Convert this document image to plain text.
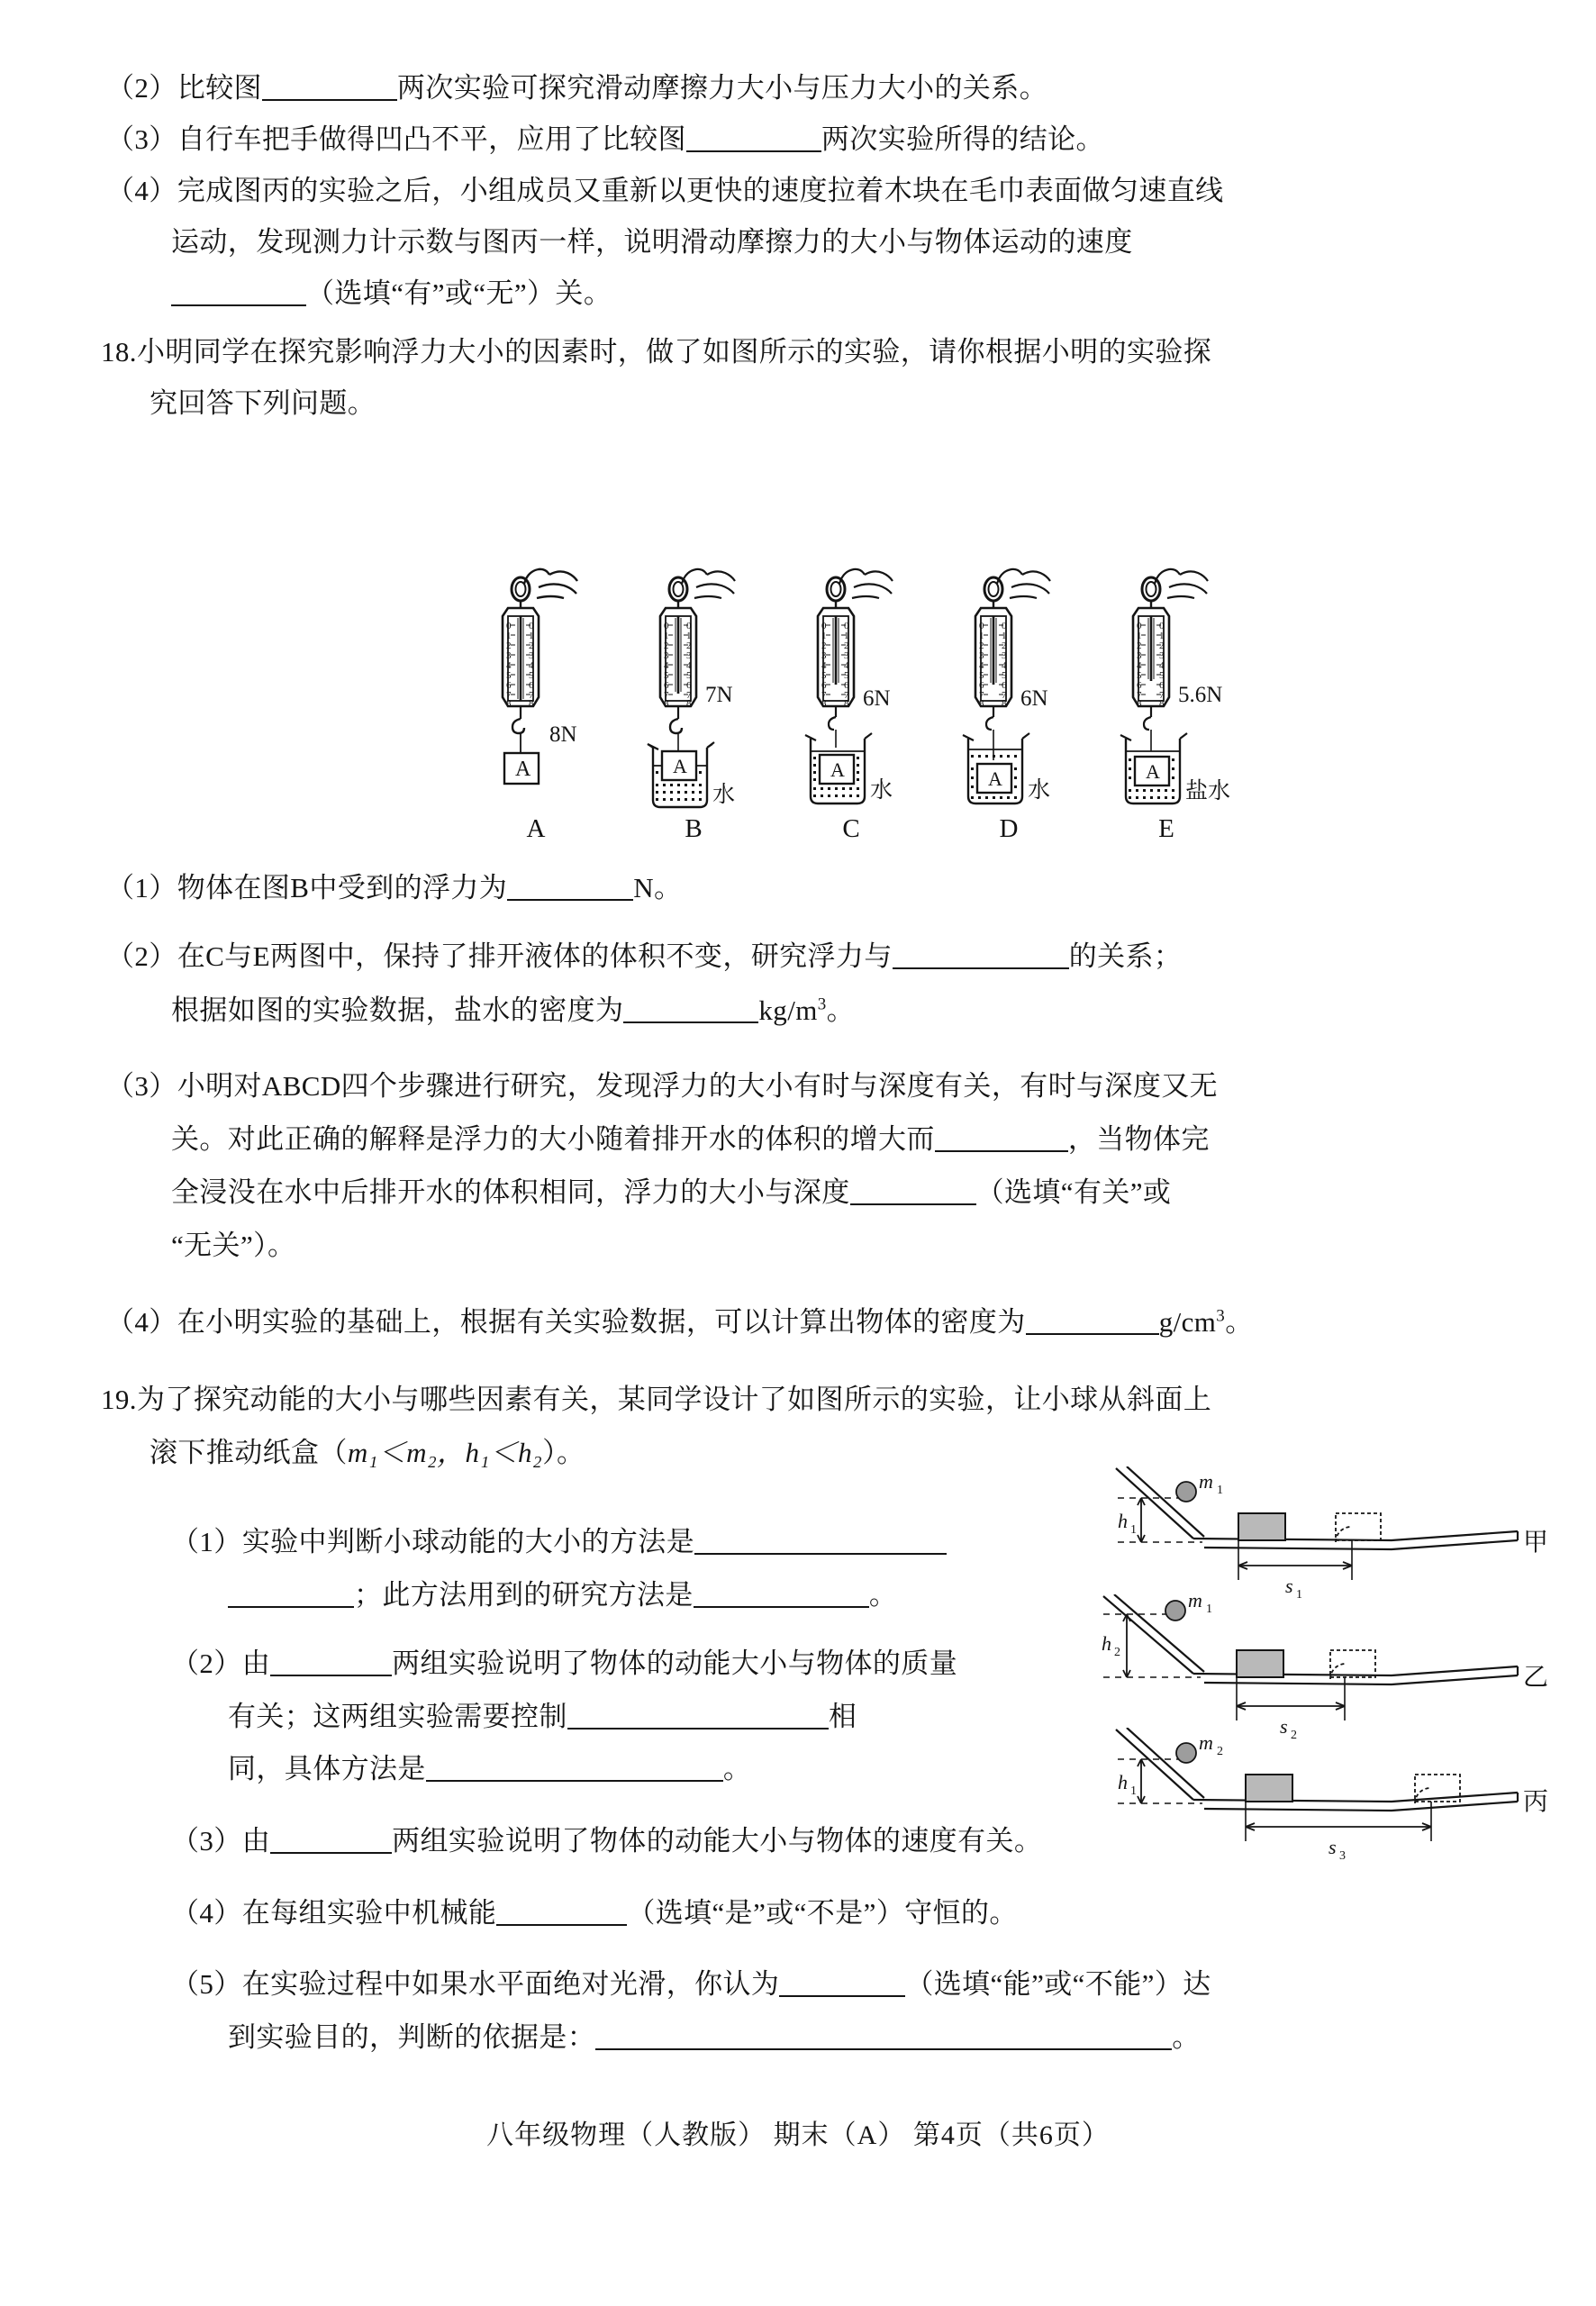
（2）比较图	两次实验可探究滑动摩擦力大小与压力大小的关系。
（3）自行车把手做得凹凸不平，应用了比较图	两次实验所得的结论。
（4）完成图丙的实验之后，小组成员又重新以更快的速度拉着木块在毛巾表面做匀速直线
运动，发现测力计示数与图丙一样，说明滑动摩擦力的大小与物体运动的速度
（选填“有”或“无”）关。
18.小明同学在探究影响浮力大小的因素时，做了如图所示的实验，请你根据小明的实验探
究回答下列问题。
0
1
2
3
4
5
6
7
8
0
1
2
3
4
5
6
7
8
A
8N
A
0
1
2
3
4
5
6
7
8
0
1
2
3
4
5
6
7
8
A
7N
水
B
0
1
2
3
4
5
6
7
8
0
1
2
3
4
5
6
7
8
A
6N
水
C
0
1
2
3
4
5
6
7
8
0
1
2
3
4
5
6
7
8
A
6N
水
D
0
1
2
3
4
5
6
7
8
0
1
2
3
4
5
6
7
8
A
5.6N
盐水
E
（1）物体在图B中受到的浮力为	N。
（2）在C与E两图中，保持了排开液体的体积不变，研究浮力与	的关系；
根据如图的实验数据，盐水的密度为	$kg/m^3$。
（3）小明对ABCD四个步骤进行研究，发现浮力的大小有时与深度有关，有时与深度又无
关。对此正确的解释是浮力的大小随着排开水的体积的增大而	，当物体完
全浸没在水中后排开水的体积相同，浮力的大小与深度	（选填“有关”或
“无关”）。
（4）在小明实验的基础上，根据有关实验数据，可以计算出物体的密度为	$g/cm^3$。
19.为了探究动能的大小与哪些因素有关，某同学设计了如图所示的实验，让小球从斜面上
滚下推动纸盒（m₁＜m₂，h₁＜h₂）。
h 1
m 1
s 1
甲
h 2
m 1
s 2
乙
h 1
m 2
s 3
丙
（1）实验中判断小球动能的大小的方法是
；此方法用到的研究方法是	。
（2）由	两组实验说明了物体的动能大小与物体的质量
有关；这两组实验需要控制	相
同，具体方法是	。
（3）由	两组实验说明了物体的动能大小与物体的速度有关。
（4）在每组实验中机械能	（选填“是”或“不是”）守恒的。
（5）在实验过程中如果水平面绝对光滑，你认为	（选填“能”或“不能”）达
到实验目的，判断的依据是：	。
八年级物理（人教版） 期末（A） 第4页（共6页）
